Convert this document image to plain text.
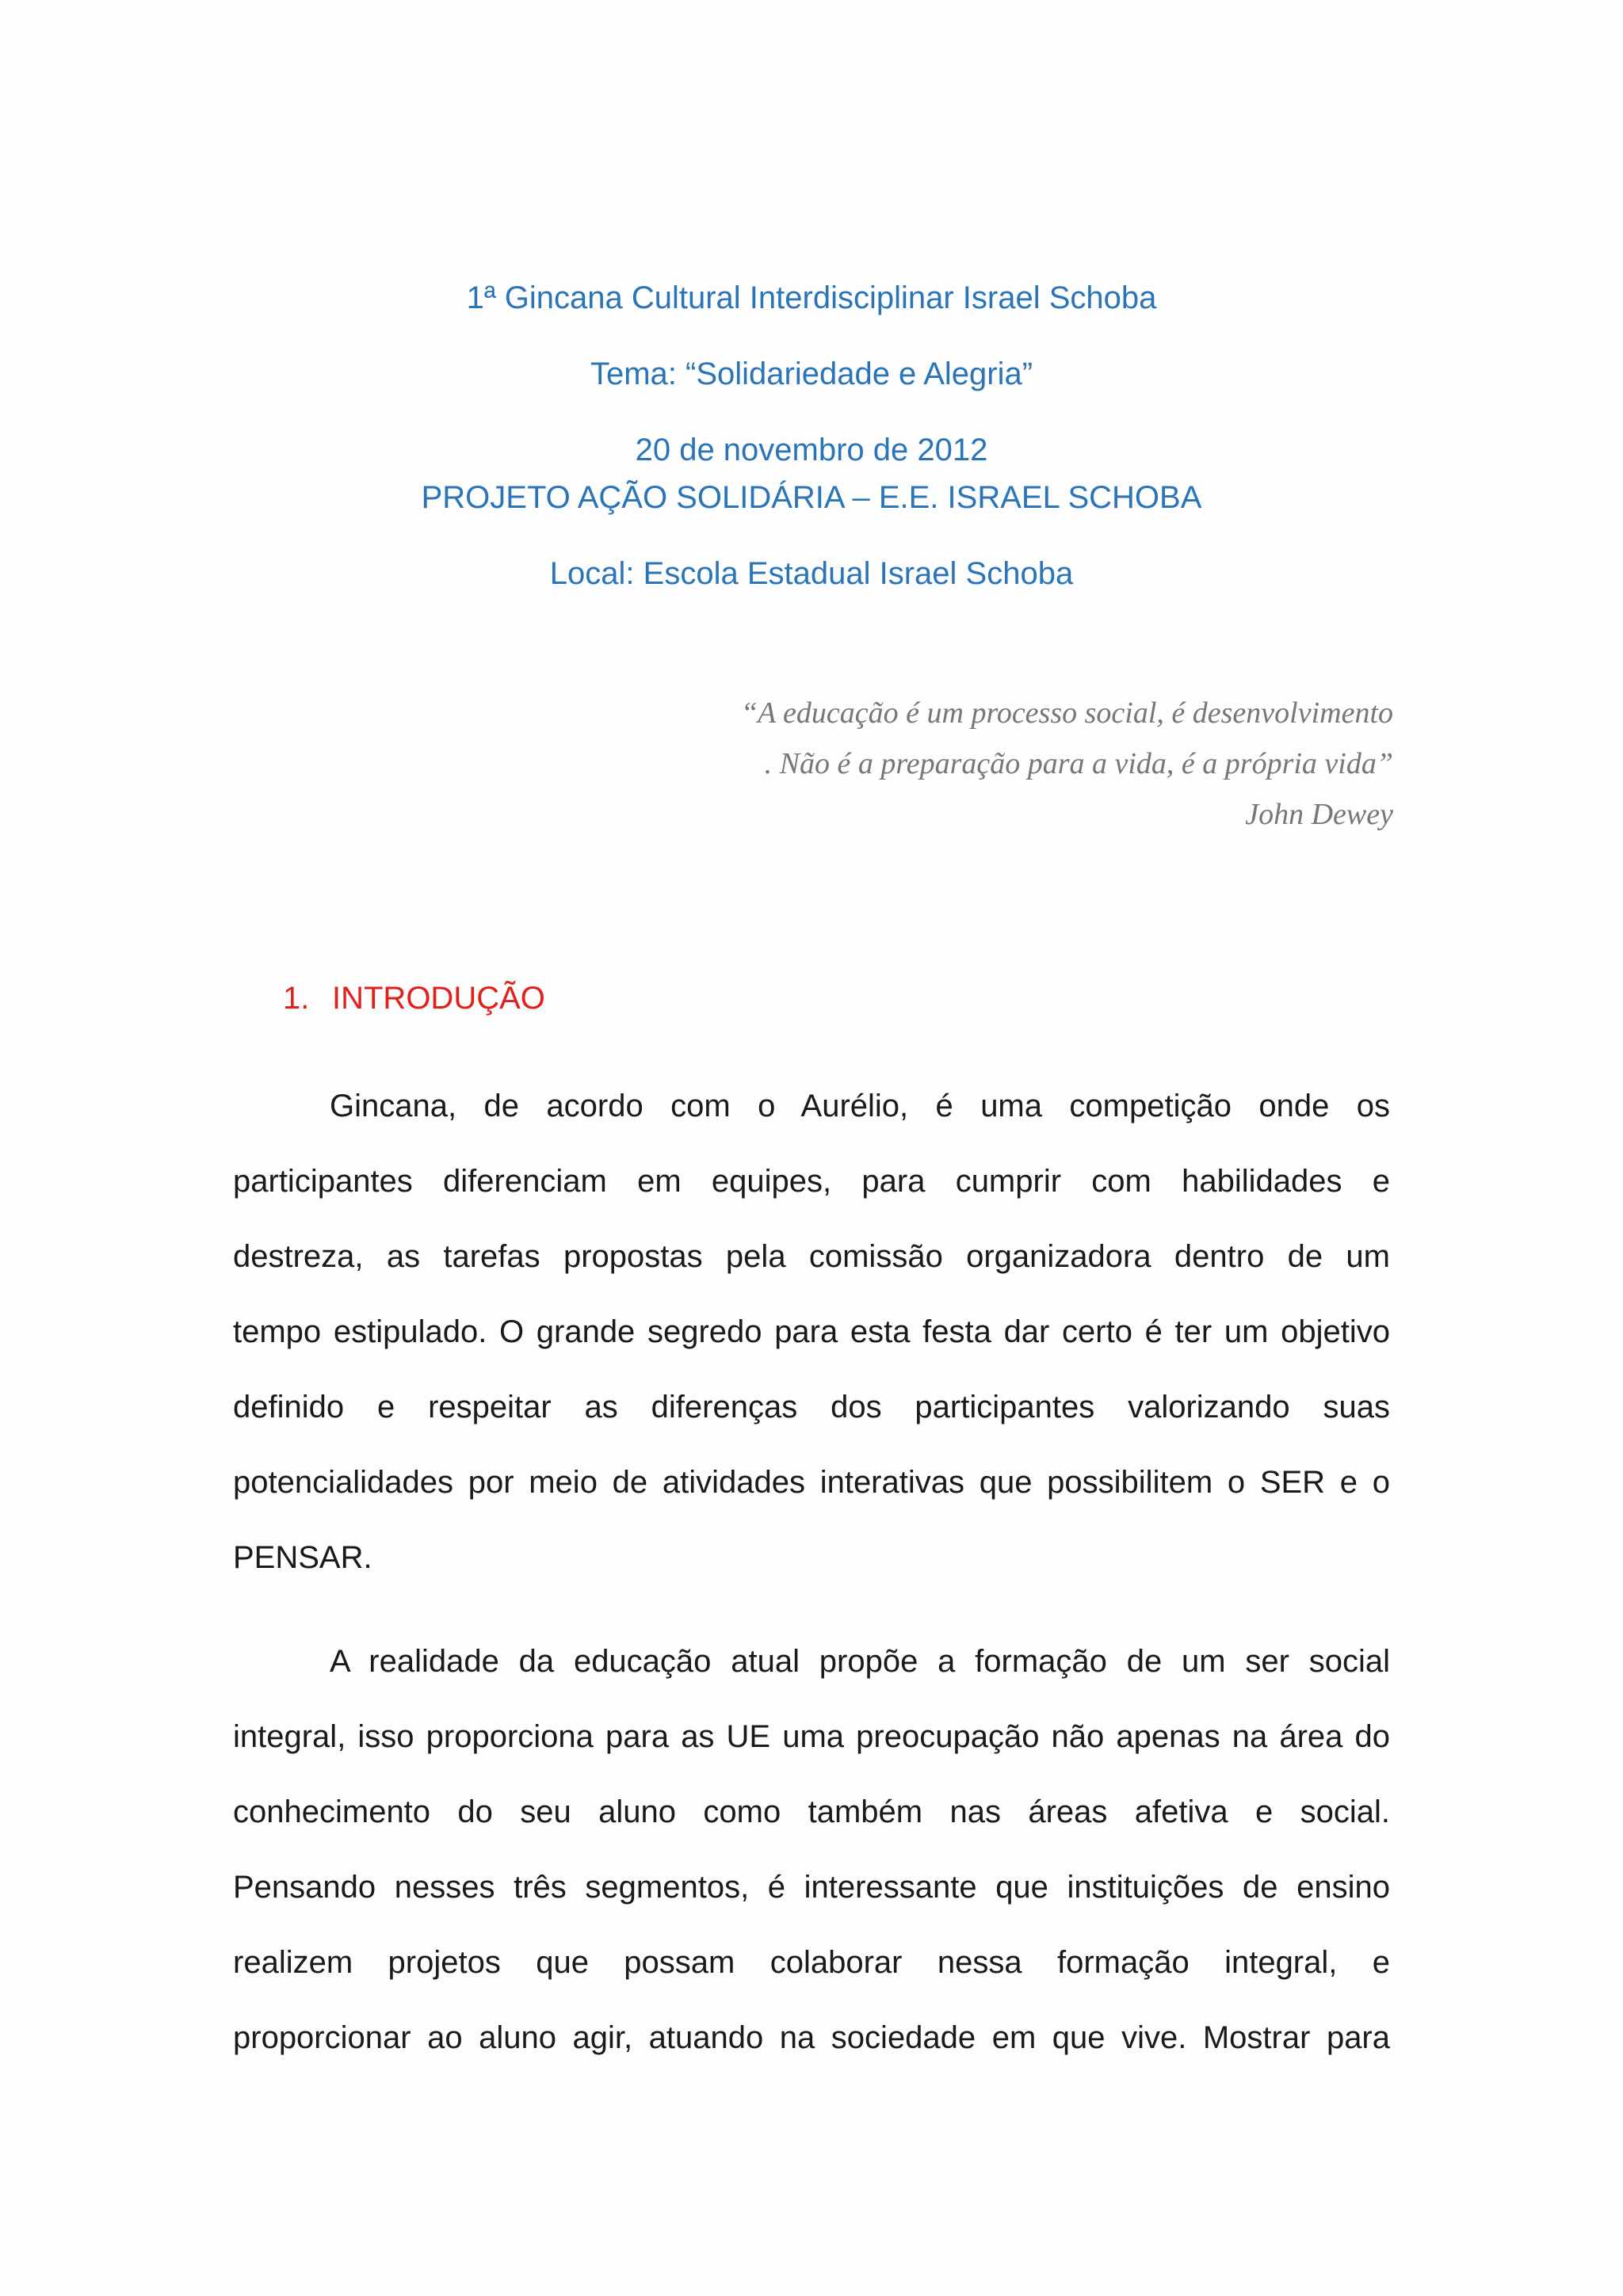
1ª Gincana Cultural Interdisciplinar Israel Schoba
Tema: “Solidariedade e Alegria”
20 de novembro de 2012
PROJETO AÇÃO SOLIDÁRIA – E.E. ISRAEL SCHOBA
Local: Escola Estadual Israel Schoba
“A educação é um processo social, é desenvolvimento
. Não é a preparação para a vida, é a própria vida”
John Dewey
1. INTRODUÇÃO
Gincana, de acordo com o Aurélio, é uma competição onde os
participantes diferenciam em equipes, para cumprir com habilidades e
destreza, as tarefas propostas pela comissão organizadora dentro de um
tempo estipulado. O grande segredo para esta festa dar certo é ter um objetivo
definido e respeitar as diferenças dos participantes valorizando suas
potencialidades por meio de atividades interativas que possibilitem o SER e o
PENSAR.
A realidade da educação atual propõe a formação de um ser social
integral, isso proporciona para as UE uma preocupação não apenas na área do
conhecimento do seu aluno como também nas áreas afetiva e social.
Pensando nesses três segmentos, é interessante que instituições de ensino
realizem projetos que possam colaborar nessa formação integral, e
proporcionar ao aluno agir, atuando na sociedade em que vive. Mostrar para
